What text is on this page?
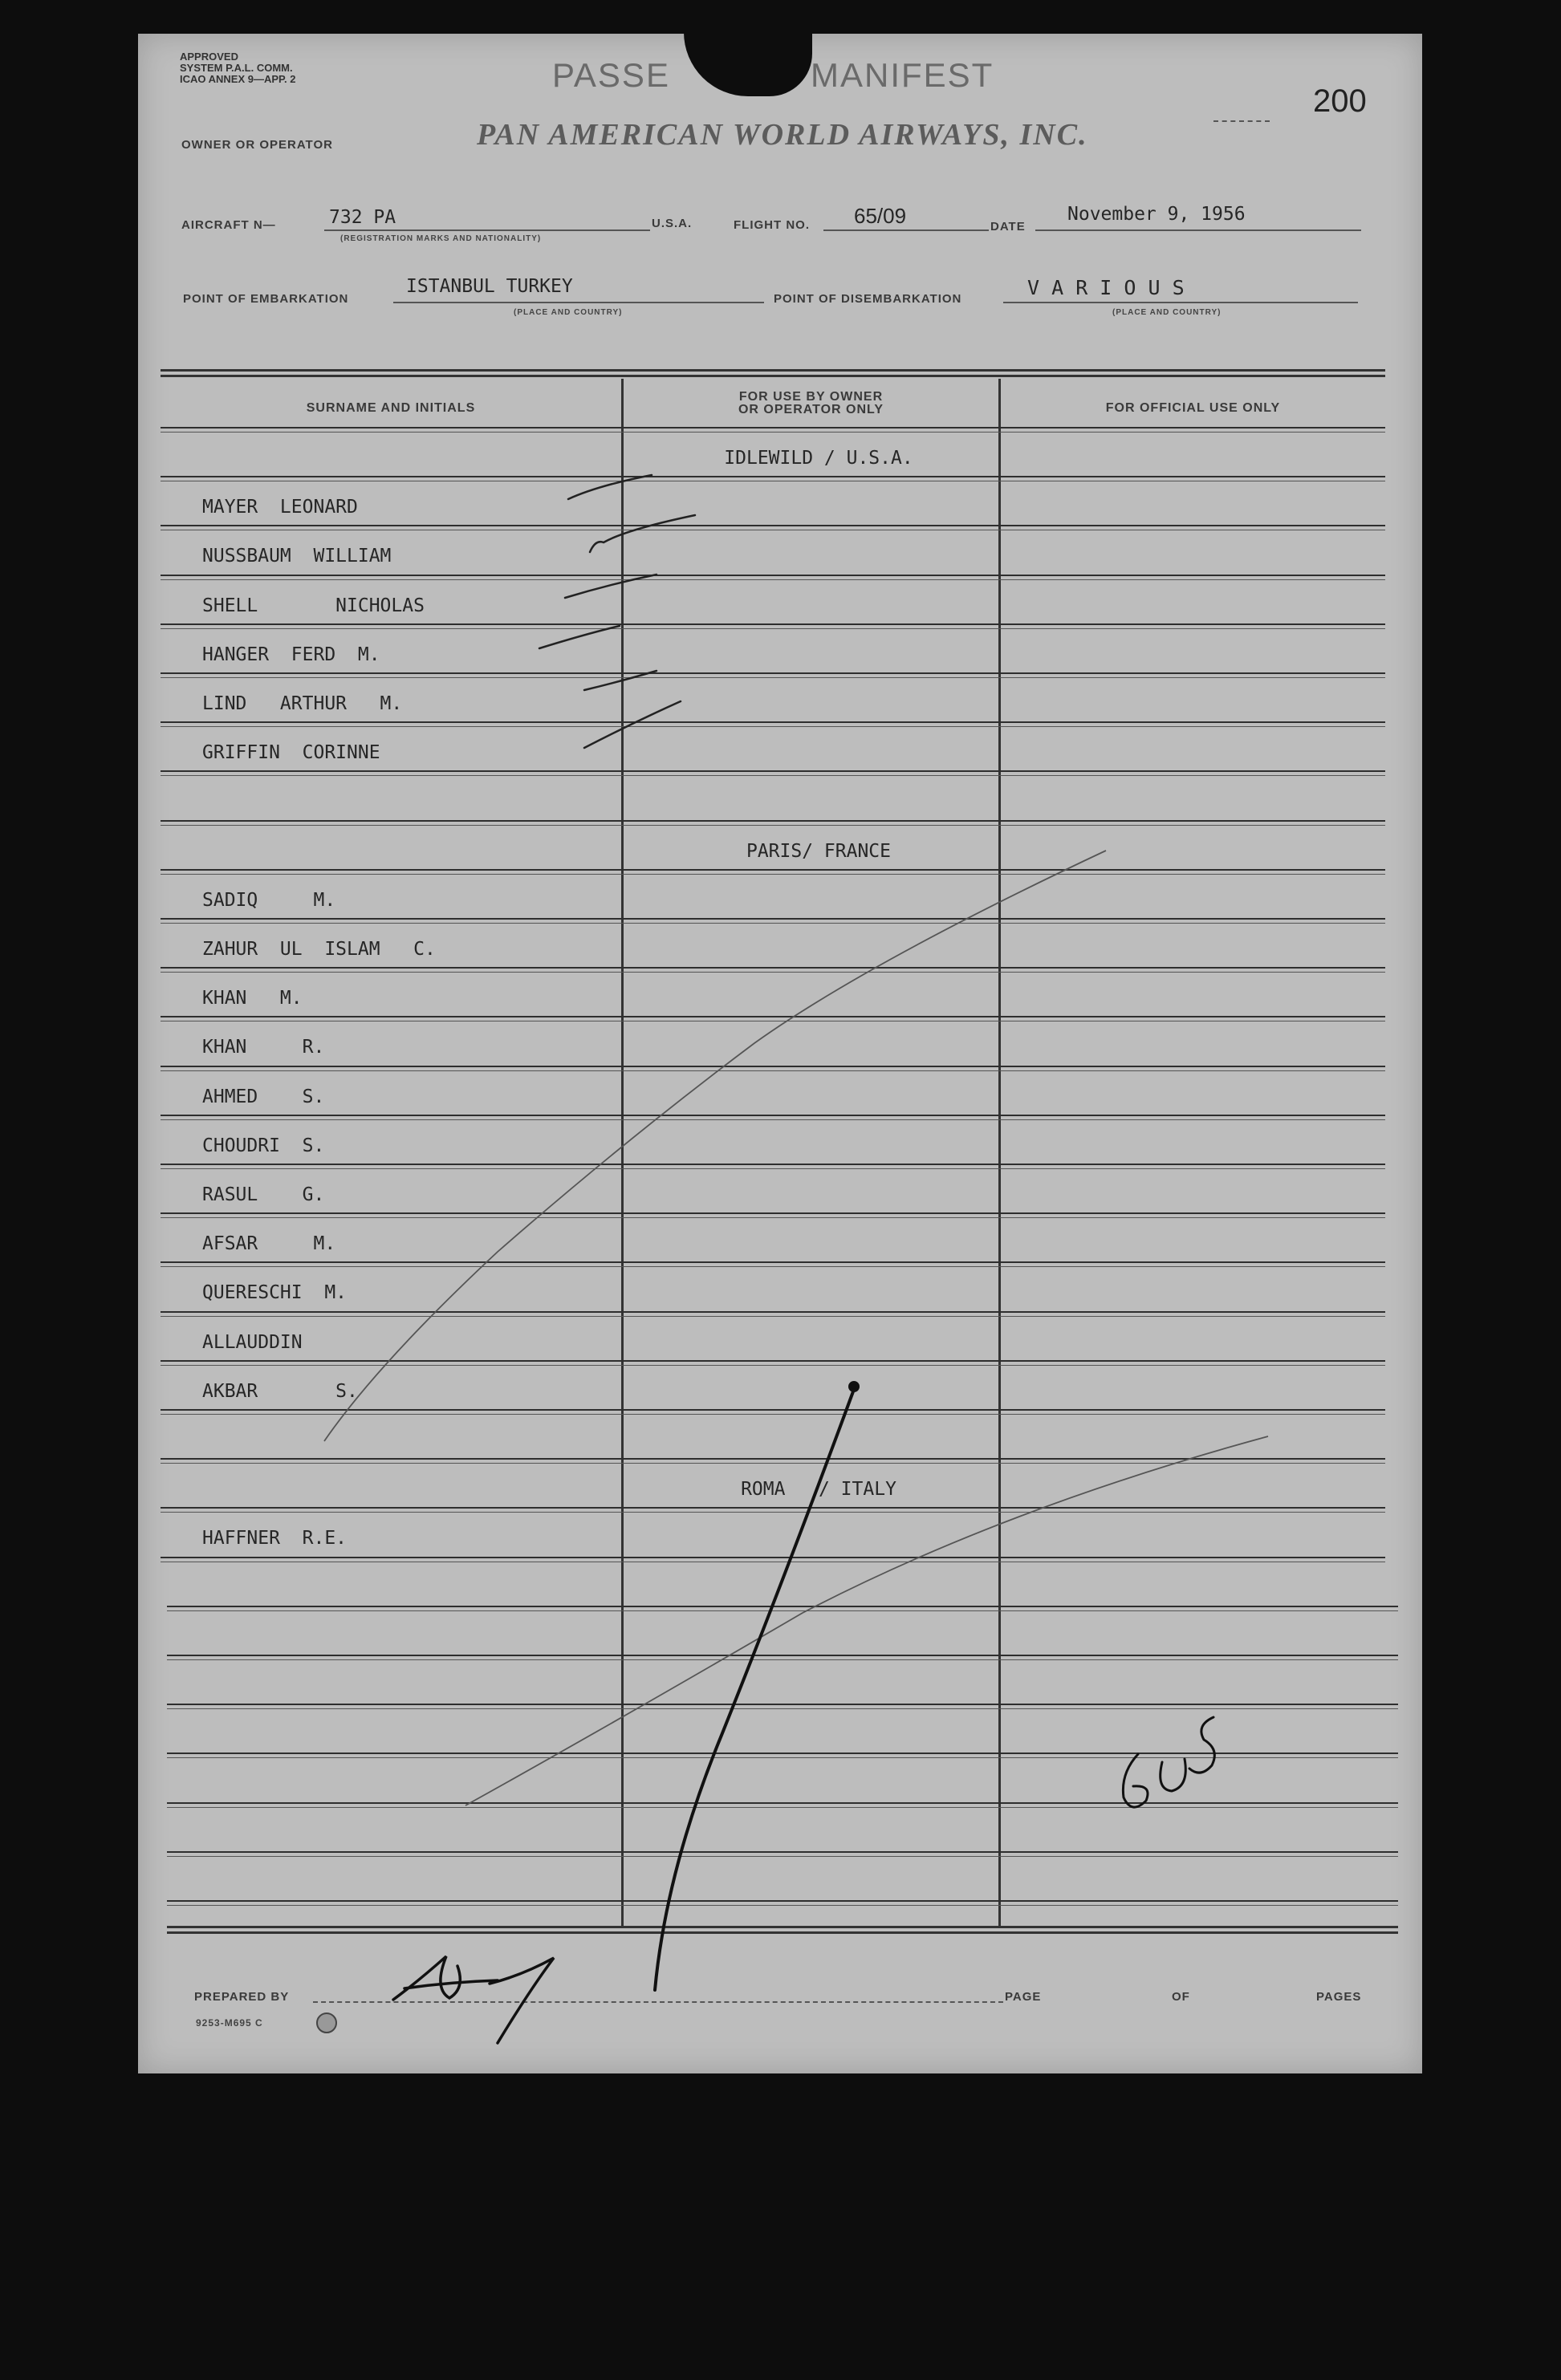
APPROVED
SYSTEM P.A.L. COMM.
ICAO ANNEX 9—APP. 2	PASSE	MANIFEST
200
PAN AMERICAN WORLD AIRWAYS, INC.
OWNER OR OPERATOR
AIRCRAFT N—	732 PA
(REGISTRATION MARKS AND NATIONALITY)
U.S.A.	FLIGHT NO. 65/09	DATE
November 9, 1956
POINT OF EMBARKATION
ISTANBUL TURKEY
(PLACE AND COUNTRY)
POINT OF DISEMBARKATION	V A R I O U S
(PLACE AND COUNTRY)
SURNAME AND INITIALS
FOR USE BY OWNER
OR OPERATOR ONLY	FOR OFFICIAL USE ONLY
IDLEWILD / U.S.A.
MAYER  LEONARD
NUSSBAUM  WILLIAM
SHELL       NICHOLAS
HANGER  FERD  M.
LIND   ARTHUR   M.
GRIFFIN  CORINNE
PARIS/ FRANCE
SADIQ     M.
ZAHUR  UL  ISLAM   C.
KHAN   M.
KHAN     R.
AHMED    S.
CHOUDRI  S.
RASUL    G.
AFSAR     M.
QUERESCHI  M.
ALLAUDDIN
AKBAR       S.
ROMA   / ITALY
HAFFNER  R.E.
PREPARED BY
9253-M695 C
PAGE	OF	PAGES
